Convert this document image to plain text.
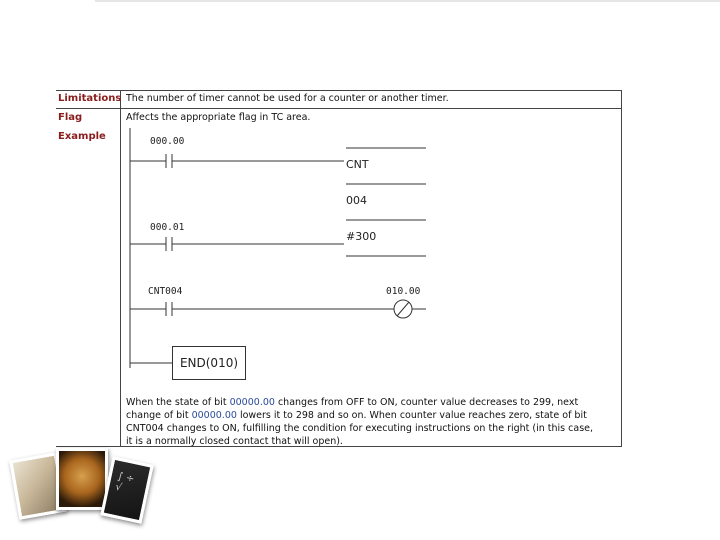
Limitations The number of timer cannot be used for a counter or another timer.
Flag	Affects the appropriate flag in TC area.
Example	000.00
000.01
CNT004	010.00
CNT
004
#300
END(010)
When the state of bit 00000.00 changes from OFF to ON, counter value decreases to 299, next
change of bit 00000.00 lowers it to 298 and so on. When counter value reaches zero, state of bit
CNT004 changes to ON, fulfilling the condition for executing instructions on the right (in this case,
it is a normally closed contact that will open).
∫ ÷ √
